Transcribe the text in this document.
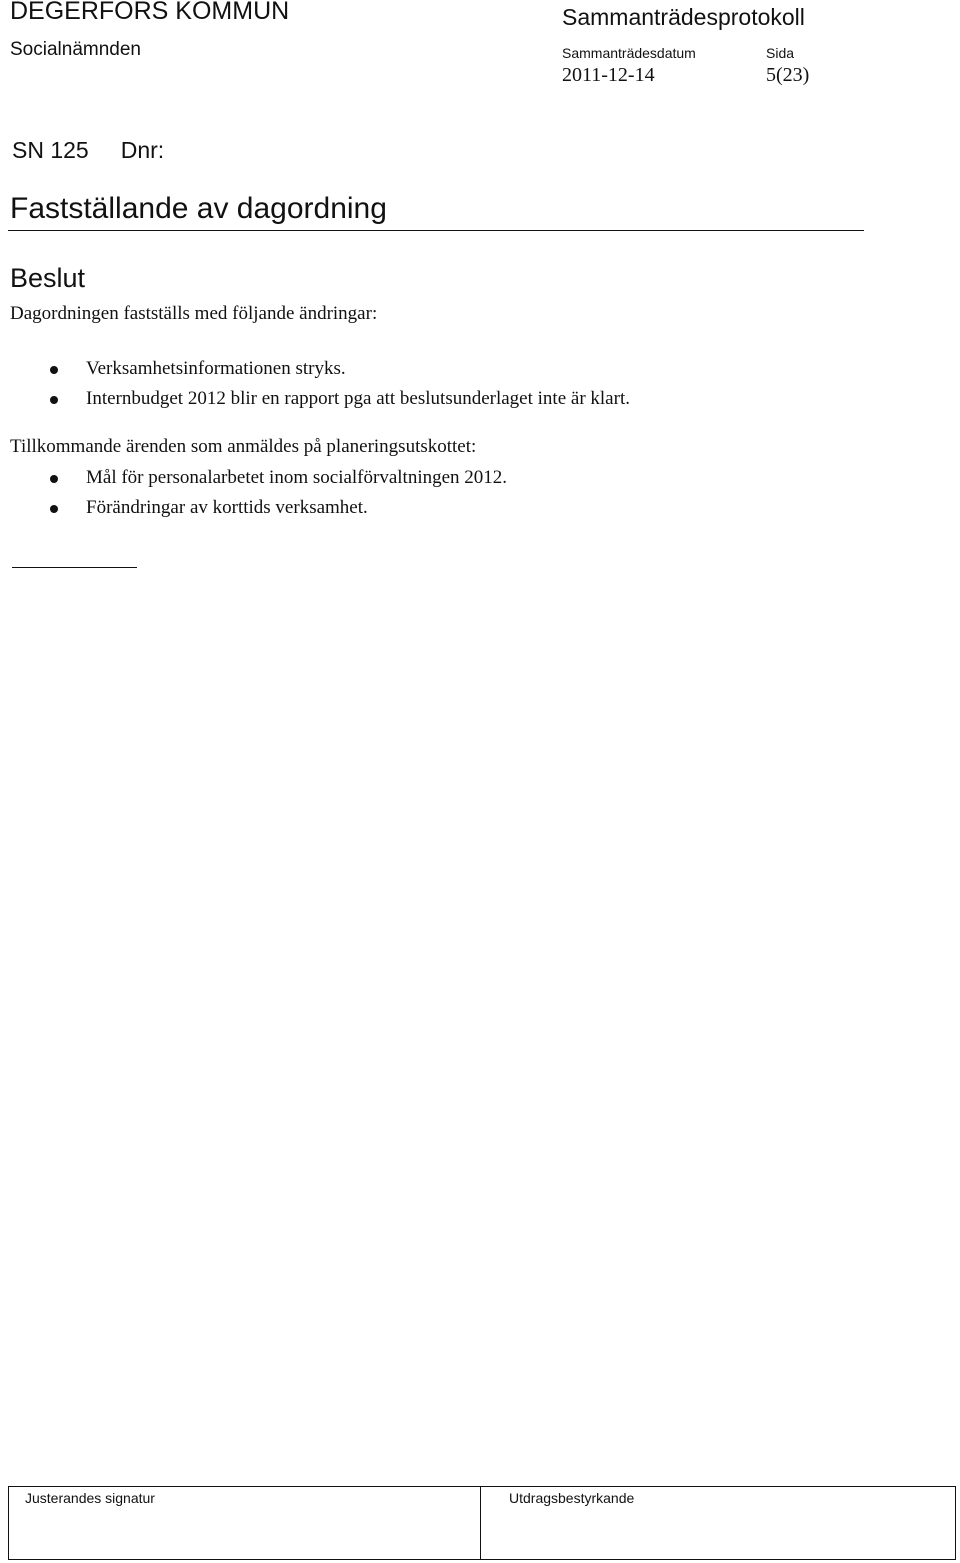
DEGERFORS KOMMUN
Socialnämnden
Sammanträdesprotokoll
Sammanträdesdatum	Sida
2011-12-14	5(23)
SN 125 Dnr:
Fastställande av dagordning
Beslut
Dagordningen fastställs med följande ändringar:
Verksamhetsinformationen stryks.
Internbudget 2012 blir en rapport pga att beslutsunderlaget inte är klart.
Tillkommande ärenden som anmäldes på planeringsutskottet:
Mål för personalarbetet inom socialförvaltningen 2012.
Förändringar av korttids verksamhet.
Justerandes signatur	Utdragsbestyrkande
